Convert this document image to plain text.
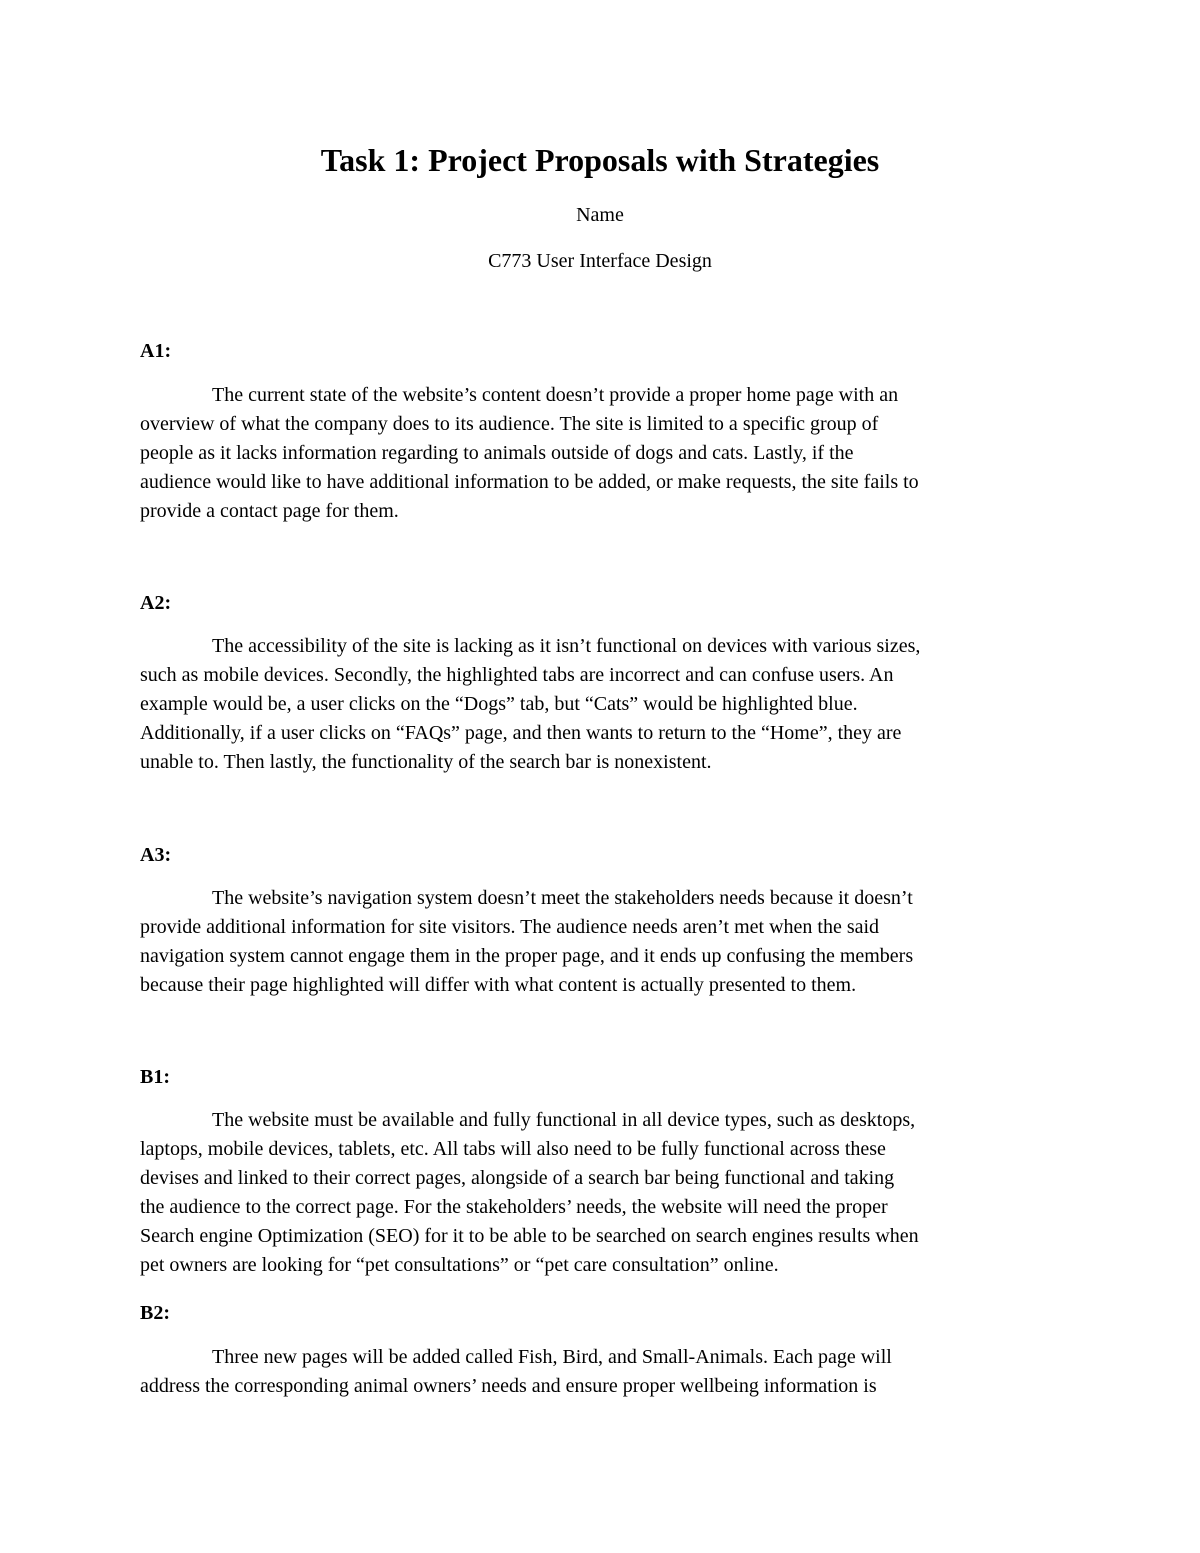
Task 1: Project Proposals with Strategies

Name

C773 User Interface Design

A1:

The current state of the website’s content doesn’t provide a proper home page with an
overview of what the company does to its audience. The site is limited to a specific group of
people as it lacks information regarding to animals outside of dogs and cats. Lastly, if the
audience would like to have additional information to be added, or make requests, the site fails to
provide a contact page for them.

A2:

The accessibility of the site is lacking as it isn’t functional on devices with various sizes,
such as mobile devices. Secondly, the highlighted tabs are incorrect and can confuse users. An
example would be, a user clicks on the “Dogs” tab, but “Cats” would be highlighted blue.
Additionally, if a user clicks on “FAQs” page, and then wants to return to the “Home”, they are
unable to. Then lastly, the functionality of the search bar is nonexistent.

A3:

The website’s navigation system doesn’t meet the stakeholders needs because it doesn’t
provide additional information for site visitors. The audience needs aren’t met when the said
navigation system cannot engage them in the proper page, and it ends up confusing the members
because their page highlighted will differ with what content is actually presented to them.

B1:

The website must be available and fully functional in all device types, such as desktops,
laptops, mobile devices, tablets, etc. All tabs will also need to be fully functional across these
devises and linked to their correct pages, alongside of a search bar being functional and taking
the audience to the correct page. For the stakeholders’ needs, the website will need the proper
Search engine Optimization (SEO) for it to be able to be searched on search engines results when
pet owners are looking for “pet consultations” or “pet care consultation” online.

B2:

Three new pages will be added called Fish, Bird, and Small-Animals. Each page will
address the corresponding animal owners’ needs and ensure proper wellbeing information is
